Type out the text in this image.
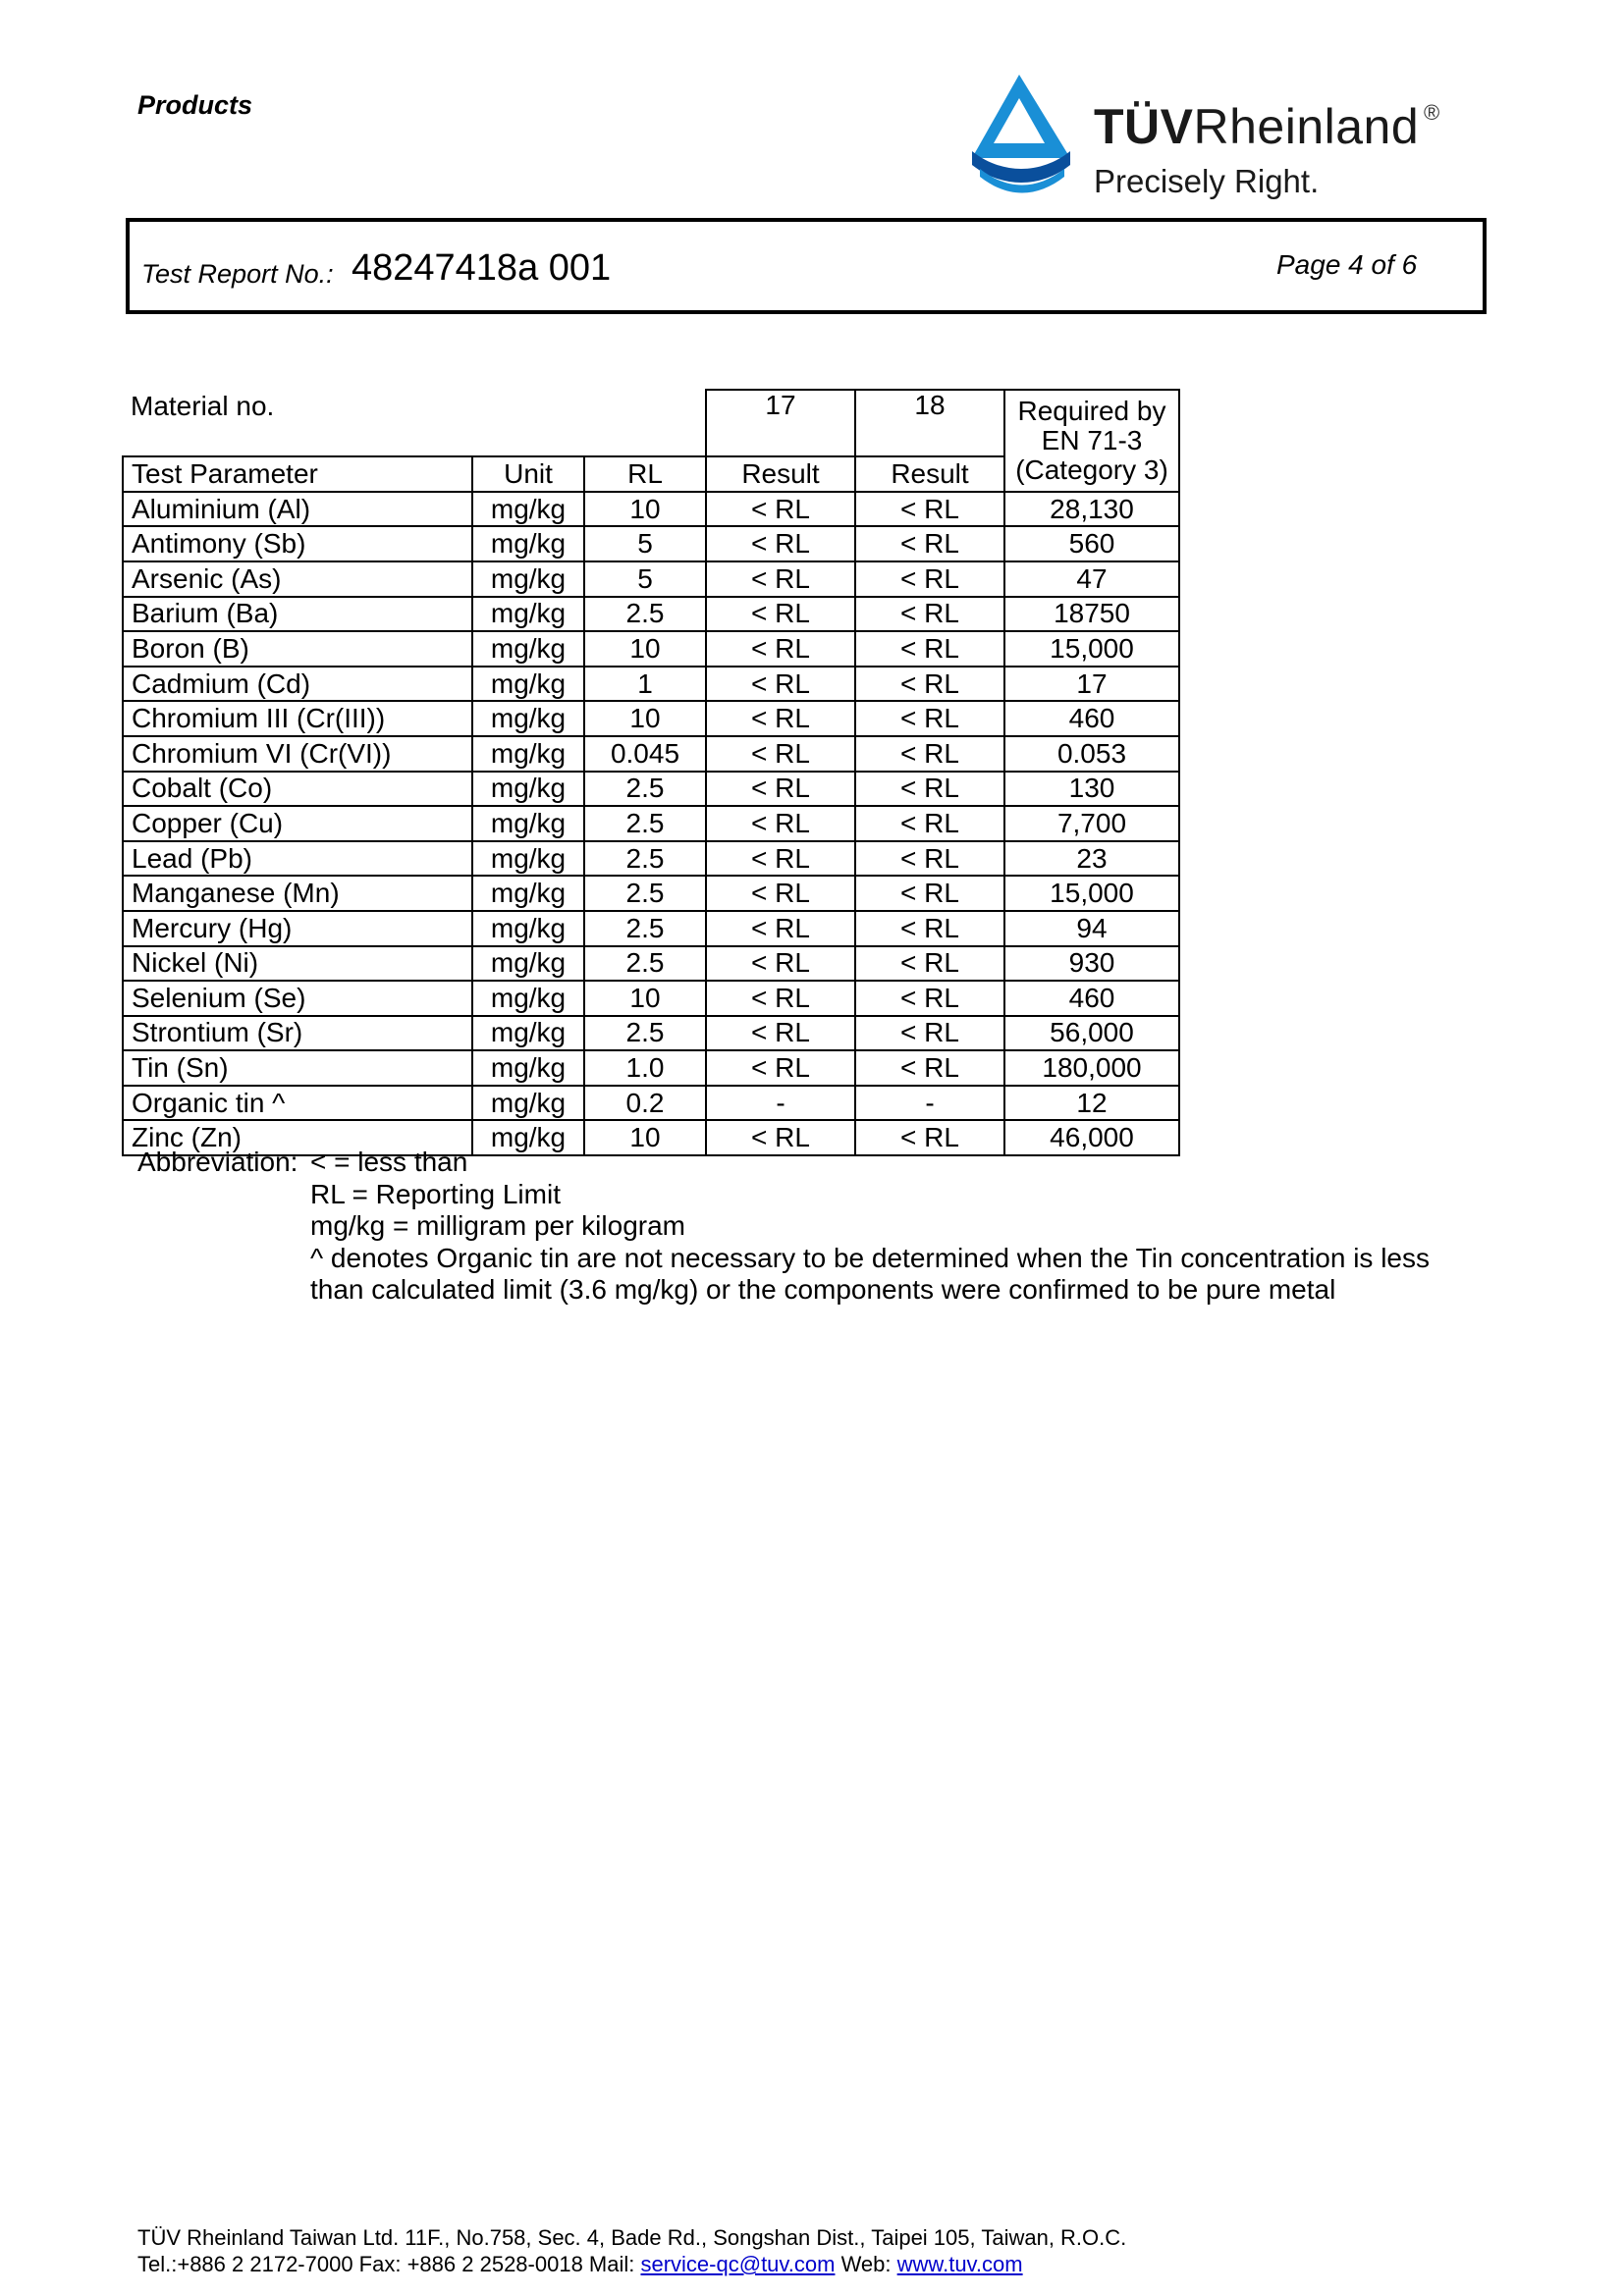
Products	TÜVRheinland ®
Precisely Right.
Test Report No.: 48247418a 001	Page 4 of 6
Material no.			17	18	Required by
EN 71-3
(Category 3)

Test Parameter	Unit	RL	Result	Result	
Aluminium (Al)	mg/kg	10	< RL	< RL	28,130
Antimony (Sb)	mg/kg	5	< RL	< RL	560
Arsenic (As)	mg/kg	5	< RL	< RL	47
Barium (Ba)	mg/kg	2.5	< RL	< RL	18750
Boron (B)	mg/kg	10	< RL	< RL	15,000
Cadmium (Cd)	mg/kg	1	< RL	< RL	17
Chromium III (Cr(III))	mg/kg	10	< RL	< RL	460
Chromium VI (Cr(VI))	mg/kg	0.045	< RL	< RL	0.053
Cobalt (Co)	mg/kg	2.5	< RL	< RL	130
Copper (Cu)	mg/kg	2.5	< RL	< RL	7,700
Lead (Pb)	mg/kg	2.5	< RL	< RL	23
Manganese (Mn)	mg/kg	2.5	< RL	< RL	15,000
Mercury (Hg)	mg/kg	2.5	< RL	< RL	94
Nickel (Ni)	mg/kg	2.5	< RL	< RL	930
Selenium (Se)	mg/kg	10	< RL	< RL	460
Strontium (Sr)	mg/kg	2.5	< RL	< RL	56,000
Tin (Sn)	mg/kg	1.0	< RL	< RL	180,000
Organic tin ^	mg/kg	0.2	-	-	12
Zinc (Zn)	mg/kg	10	< RL	< RL	46,000
Abbreviation: < = less than
RL = Reporting Limit
mg/kg = milligram per kilogram
^ denotes Organic tin are not necessary to be determined when the Tin concentration is less
than calculated limit (3.6 mg/kg) or the components were confirmed to be pure metal
TÜV Rheinland Taiwan Ltd. 11F., No.758, Sec. 4, Bade Rd., Songshan Dist., Taipei 105, Taiwan, R.O.C.
Tel.:+886 2 2172-7000 Fax: +886 2 2528-0018 Mail: service-qc@tuv.com Web: www.tuv.com
